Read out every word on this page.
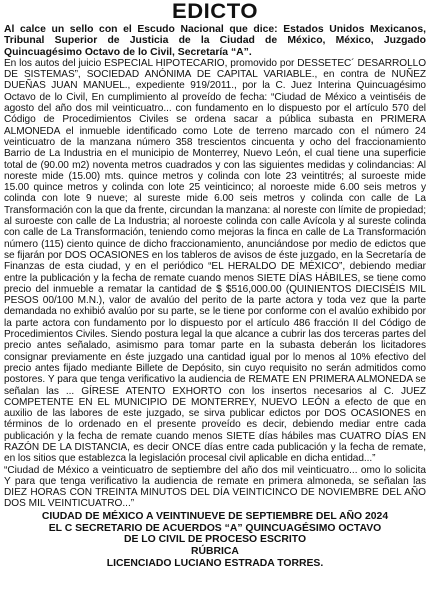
EDICTO

Al calce un sello con el Escudo Nacional que dice: Estados Unidos Mexicanos, Tribunal Superior de Justicia de la Ciudad de México, México, Juzgado Quincuagésimo Octavo de lo Civil, Secretaría “A”.

En los autos del juicio ESPECIAL HIPOTECARIO, promovido por DESSETEC´ DESARROLLO DE SISTEMAS”, SOCIEDAD ANÓNIMA DE CAPITAL VARIABLE., en contra de NUÑEZ DUEÑAS JUAN MANUEL., expediente 919/2011., por la C. Juez Interina Quincuagésimo Octavo de lo Civil, En cumplimiento al proveído de fecha: “Ciudad de México a veintiséis de agosto del año dos mil veinticuatro... con fundamento en lo dispuesto por el artículo 570 del Código de Procedimientos Civiles se ordena sacar a pública subasta en PRIMERA ALMONEDA el inmueble identificado como Lote de terreno marcado con el número 24 veinticuatro de la manzana número 358 trescientos cincuenta y ocho del fraccionamiento Barrio de La Industria en el municipio de Monterrey, Nuevo León, el cual tiene una superficie total de (90.00 m2) noventa metros cuadrados y con las siguientes medidas y colindancias: Al noreste mide (15.00) mts. quince metros y colinda con lote 23 veintitrés; al suroeste mide 15.00 quince metros y colinda con lote 25 veinticinco; al noroeste mide 6.00 seis metros y colinda con lote 9 nueve; al sureste mide 6.00 seis metros y colinda con calle de La Transformación con la que da frente, circundan la manzana: al noreste con límite de propiedad; al suroeste con calle de La Industria; al noroeste colinda con calle Avícola y al sureste colinda con calle de La Transformación, teniendo como mejoras la finca en calle de La Transformación número (115) ciento quince de dicho fraccionamiento, anunciándose por medio de edictos que se fijarán por DOS OCASIONES en los tableros de avisos de éste juzgado, en la Secretaría de Finanzas de esta ciudad, y en el periódico “EL HERALDO DE MÉXICO”, debiendo mediar entre la publicación y la fecha de remate cuando menos SIETE DÍAS HÁBILES, se tiene como precio del inmueble a rematar la cantidad de $ $516,000.00 (QUINIENTOS DIECISÉIS MIL PESOS 00/100 M.N.), valor de avalúo del perito de la parte actora y toda vez que la parte demandada no exhibió avalúo por su parte, se le tiene por conforme con el avalúo exhibido por la parte actora con fundamento por lo dispuesto por el artículo 486 fracción II del Código de Procedimientos Civiles. Siendo postura legal la que alcance a cubrir las dos terceras partes del precio antes señalado, asimismo para tomar parte en la subasta deberán los licitadores consignar previamente en éste juzgado una cantidad igual por lo menos al 10% efectivo del precio antes fijado mediante Billete de Depósito, sin cuyo requisito no serán admitidos como postores. Y para que tenga verificativo la audiencia de REMATE EN PRIMERA ALMONEDA se señalan las ... GÍRESE ATENTO EXHORTO con los insertos necesarios al C. JUEZ COMPETENTE EN EL MUNICIPIO DE MONTERREY, NUEVO LEÓN a efecto de que en auxilio de las labores de este juzgado, se sirva publicar edictos por DOS OCASIONES en términos de lo ordenado en el presente proveído es decir, debiendo mediar entre cada publicación y la fecha de remate cuando menos SIETE días hábiles mas CUATRO DÍAS EN RAZÓN DE LA DISTANCIA, es decir ONCE días entre cada publicación y la fecha de remate, en los sitios que establezca la legislación procesal civil aplicable en dicha entidad...”

“Ciudad de México a veinticuatro de septiembre del año dos mil veinticuatro... omo lo solicita Y para que tenga verificativo la audiencia de remate en primera almoneda, se señalan las DIEZ HORAS CON TREINTA MINUTOS DEL DÍA VEINTICINCO DE NOVIEMBRE DEL AÑO DOS MIL VEINTICUATRO...”

CIUDAD DE MÉXICO A VEINTINUEVE DE SEPTIEMBRE DEL AÑO 2024

EL C SECRETARIO DE ACUERDOS “A” QUINCUAGÉSIMO OCTAVO

DE LO CIVIL DE PROCESO ESCRITO

RÚBRICA

LICENCIADO LUCIANO ESTRADA TORRES.
